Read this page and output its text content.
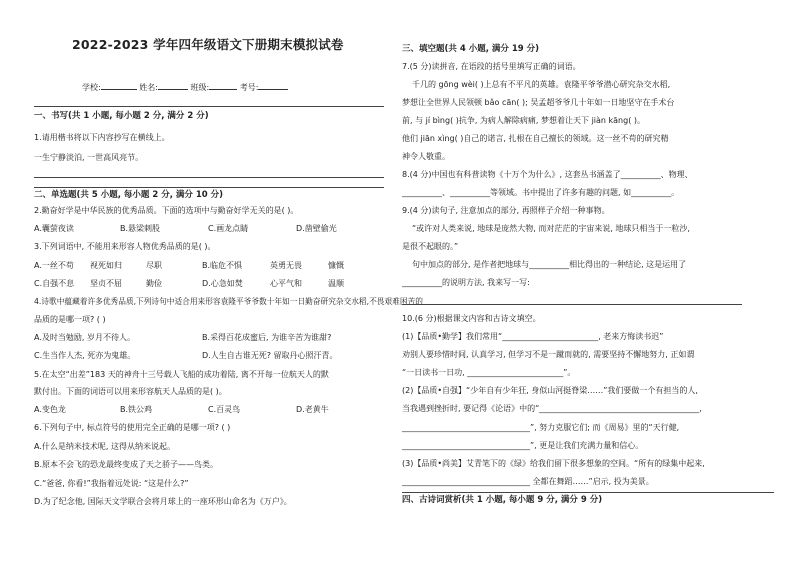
2022-2023 学年四年级语文下册期末模拟试卷
学校:	姓名:	班级:	考号:
一、书写(共 1 小题, 每小题 2 分, 满分 2 分)
1.请用楷书将以下内容抄写在横线上。
一生宁静淡泊, 一世高风亮节。
二、单选题(共 5 小题, 每小题 2 分, 满分 10 分)
2.勤奋好学是中华民族的优秀品质。下面的选项中与勤奋好学无关的是( )。
A.囊萤夜读	B.悬梁刺股	C.画龙点睛	D.凿壁偷光
3.下列词语中, 不能用来形容人物优秀品质的是( )。
A.一丝不苟 视死如归	尽职	B.临危不惧	英勇无畏	慷慨
C.自强不息 坚贞不屈	勤俭	D.心急如焚	心平气和	温顺
4.诗歌中蕴藏着许多优秀品质,下列诗句中适合用来形容袁隆平爷爷数十年如一日勤奋研究杂交水稻,不畏艰难困苦的
品质的是哪一项? ( )
A.及时当勉励, 岁月不待人。	B.采得百花成蜜后, 为谁辛苦为谁甜?
C.生当作人杰, 死亦为鬼雄。	D.人生自古谁无死? 留取丹心照汗青。
5.在太空“出差”183 天的神舟十三号载人飞船的成功着陆, 离不开每一位航天人的默
默付出。下面的词语可以用来形容航天人品质的是( )。
A.变色龙	B.铁公鸡	C.百灵鸟	D.老黄牛
6.下列句子中, 标点符号的使用完全正确的是哪一项? ( )
A.什么是纳米技术呢, 这得从纳米说起。
B.原本不会飞的恐龙最终变成了天之骄子——鸟类。
C.“爸爸, 你看!”我指着远处说: “这是什么?”
D.为了纪念他, 国际天文学联合会将月球上的一座环形山命名为《万户》。
三、填空题(共 4 小题, 满分 19 分)
7.(5 分)读拼音, 在语段的括号里填写正确的词语。
千几的 gōng wèi( )上总有不平凡的英雄。袁隆平爷爷潜心研究杂交水稻,
梦想让全世界人民领顿 bǎo cān( ); 吴孟超爷爷几十年如一日地坚守在手术台
前, 与 jí bìng( )抗争, 为病人解除病痛, 梦想着让天下 jiàn kāng( )。
他们 jiān xìng( )自己的诺言, 扎根在自己擅长的领域。这一丝不苟的研究精
神令人敬重。
8.(4 分)中国也有科普读物《十万个为什么》, 这套丛书涵盖了__________、物理、
__________、__________等领域。书中提出了许多有趣的问题, 如__________。
9.(4 分)读句子, 注意加点的部分, 再照样子介绍一种事物。
“或许对人类来说, 地球是庞然大物, 而对茫茫的宇宙来说, 地球只相当于一粒沙,
是很不起眼的。”
句中加点的部分, 是作者把地球与__________相比得出的一种结论, 这是运用了
__________的说明方法, 我来写一写:
10.(6 分)根据课文内容和古诗文填空。
(1)【品质•勤学】我们常用“________________________, 老来方悔读书迟”
劝别人要珍惜时间, 认真学习, 但学习不是一蹴而就的, 需要坚持不懈地努力, 正如谓
“一日读书一日功, ________________________”。
(2)【品质•自强】“少年自有少年狂, 身似山河挺脊梁……”我们要做一个有担当的人,
当我遇到挫折时, 要记得《论语》中的“________________________________________,
________________________________”, 努力克服它们; 而《周易》里的“天行健,
________________________________”, 更是让我们充满力量和信心。
(3)【品质•尚美】艾青笔下的《绿》给我们留下很多想象的空间。“所有的绿集中起来,
________________________________ 全都在舞蹈……”启示, 投为美景。
四、古诗词赏析(共 1 小题, 每小题 9 分, 满分 9 分)
